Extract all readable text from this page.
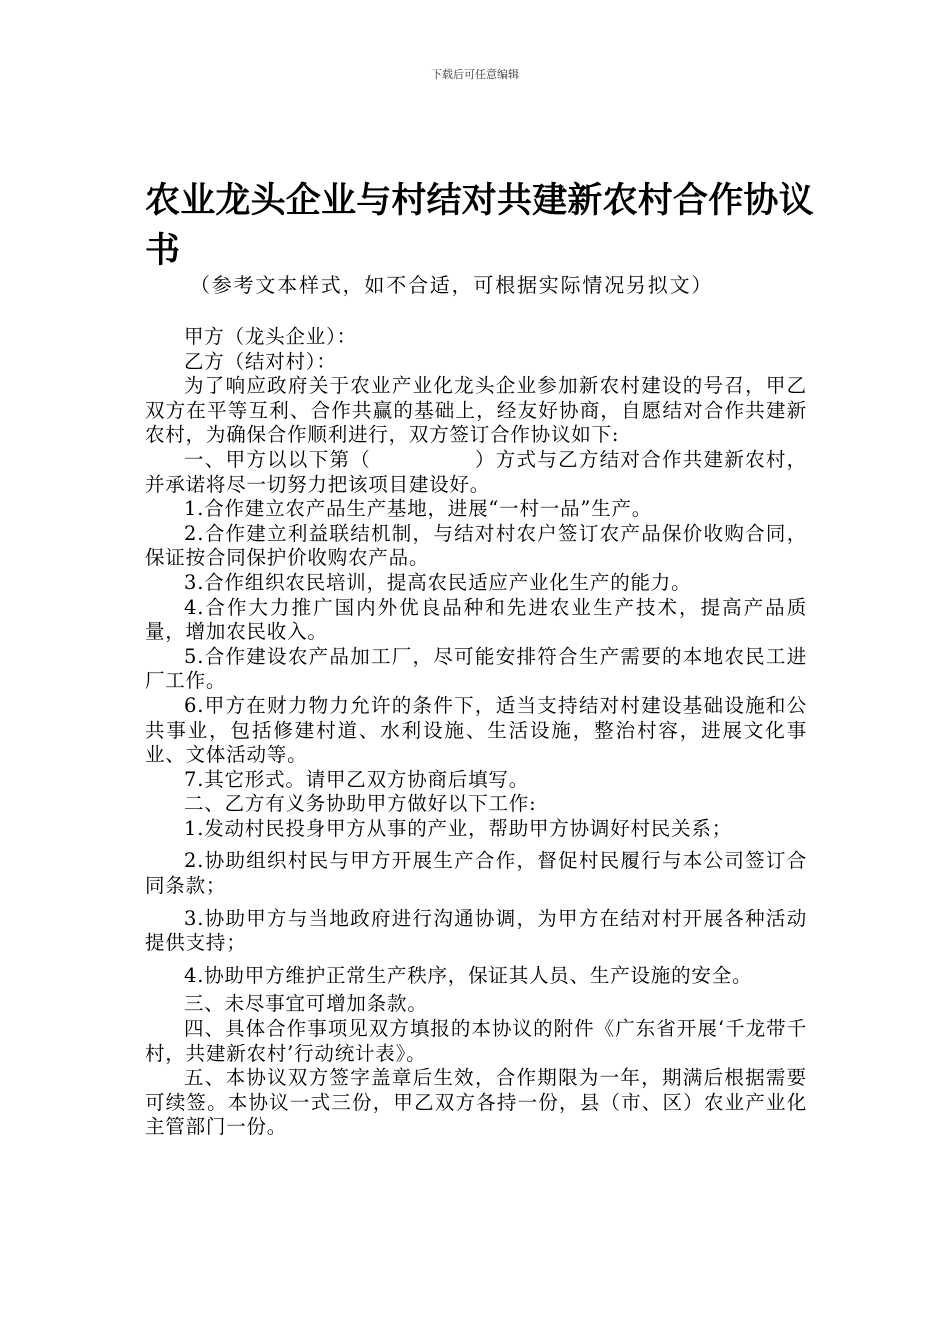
下载后可任意编辑
农业龙头企业与村结对共建新农村合作协议书
（参考文本样式，如不合适，可根据实际情况另拟文）

甲方（龙头企业）：

乙方（结对村）：

为了响应政府关于农业产业化龙头企业参加新农村建设的号召，甲乙双方在平等互利、合作共赢的基础上，经友好协商，自愿结对合作共建新农村，为确保合作顺利进行，双方签订合作协议如下:

一、甲方以以下第（　　　　　）方式与乙方结对合作共建新农村，并承诺将尽一切努力把该项目建设好。

1.合作建立农产品生产基地，进展“一村一品”生产。

2.合作建立利益联结机制，与结对村农户签订农产品保价收购合同，保证按合同保护价收购农产品。

3.合作组织农民培训，提高农民适应产业化生产的能力。

4.合作大力推广国内外优良品种和先进农业生产技术，提高产品质量，增加农民收入。

5.合作建设农产品加工厂，尽可能安排符合生产需要的本地农民工进厂工作。

6.甲方在财力物力允许的条件下，适当支持结对村建设基础设施和公共事业，包括修建村道、水利设施、生活设施，整治村容，进展文化事业、文体活动等。

7.其它形式。请甲乙双方协商后填写。

二、乙方有义务协助甲方做好以下工作:

1.发动村民投身甲方从事的产业，帮助甲方协调好村民关系；

2.协助组织村民与甲方开展生产合作，督促村民履行与本公司签订合同条款；

3.协助甲方与当地政府进行沟通协调，为甲方在结对村开展各种活动提供支持；

4.协助甲方维护正常生产秩序，保证其人员、生产设施的安全。

三、未尽事宜可增加条款。

四、具体合作事项见双方填报的本协议的附件《广东省开展‘千龙带千村，共建新农村’行动统计表》。

五、本协议双方签字盖章后生效，合作期限为一年，期满后根据需要可续签。本协议一式三份，甲乙双方各持一份，县（市、区）农业产业化主管部门一份。
